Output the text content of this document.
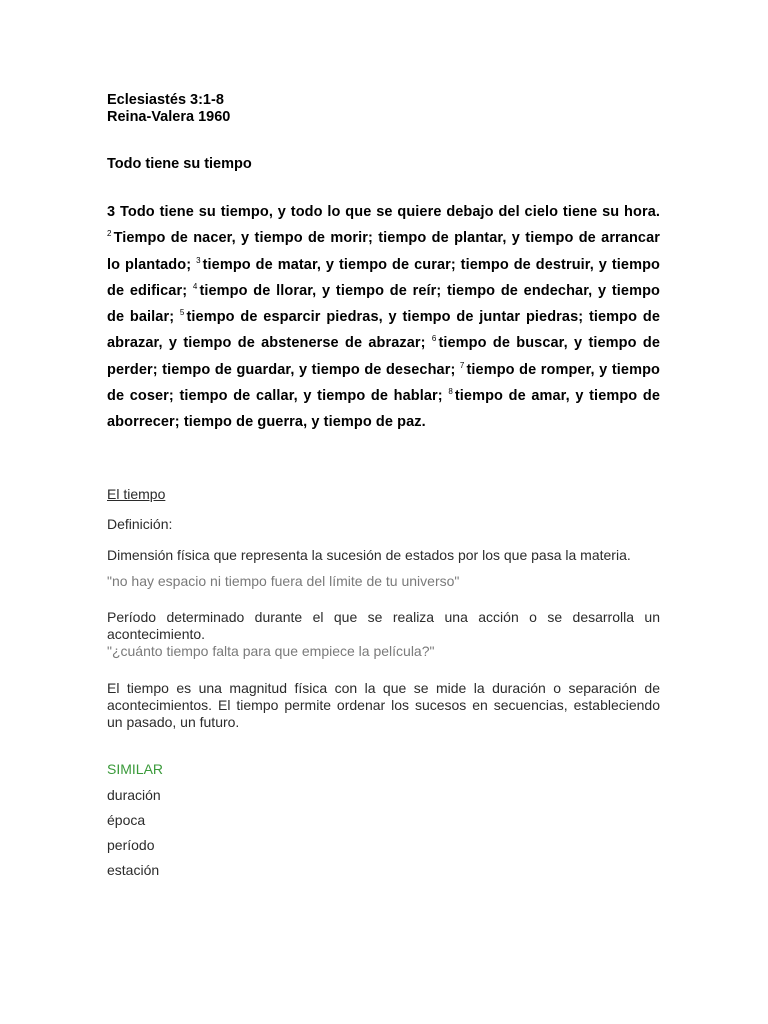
Eclesiastés 3:1-8
Reina-Valera 1960
Todo tiene su tiempo
3 Todo tiene su tiempo, y todo lo que se quiere debajo del cielo tiene su hora. $^2$ Tiempo de nacer, y tiempo de morir; tiempo de plantar, y tiempo de arrancar lo plantado; $^3$ tiempo de matar, y tiempo de curar; tiempo de destruir, y tiempo de edificar; $^4$ tiempo de llorar, y tiempo de reír; tiempo de endechar, y tiempo de bailar; $^5$ tiempo de esparcir piedras, y tiempo de juntar piedras; tiempo de abrazar, y tiempo de abstenerse de abrazar; $^6$ tiempo de buscar, y tiempo de perder; tiempo de guardar, y tiempo de desechar; $^7$ tiempo de romper, y tiempo de coser; tiempo de callar, y tiempo de hablar; $^8$ tiempo de amar, y tiempo de aborrecer; tiempo de guerra, y tiempo de paz.
El tiempo
Definición:
Dimensión física que representa la sucesión de estados por los que pasa la materia.
"no hay espacio ni tiempo fuera del límite de tu universo"
Período determinado durante el que se realiza una acción o se desarrolla un acontecimiento.
"¿cuánto tiempo falta para que empiece la película?"
El tiempo es una magnitud física con la que se mide la duración o separación de acontecimientos. El tiempo permite ordenar los sucesos en secuencias, estableciendo un pasado, un futuro.
SIMILAR
duración
época
período
estación
